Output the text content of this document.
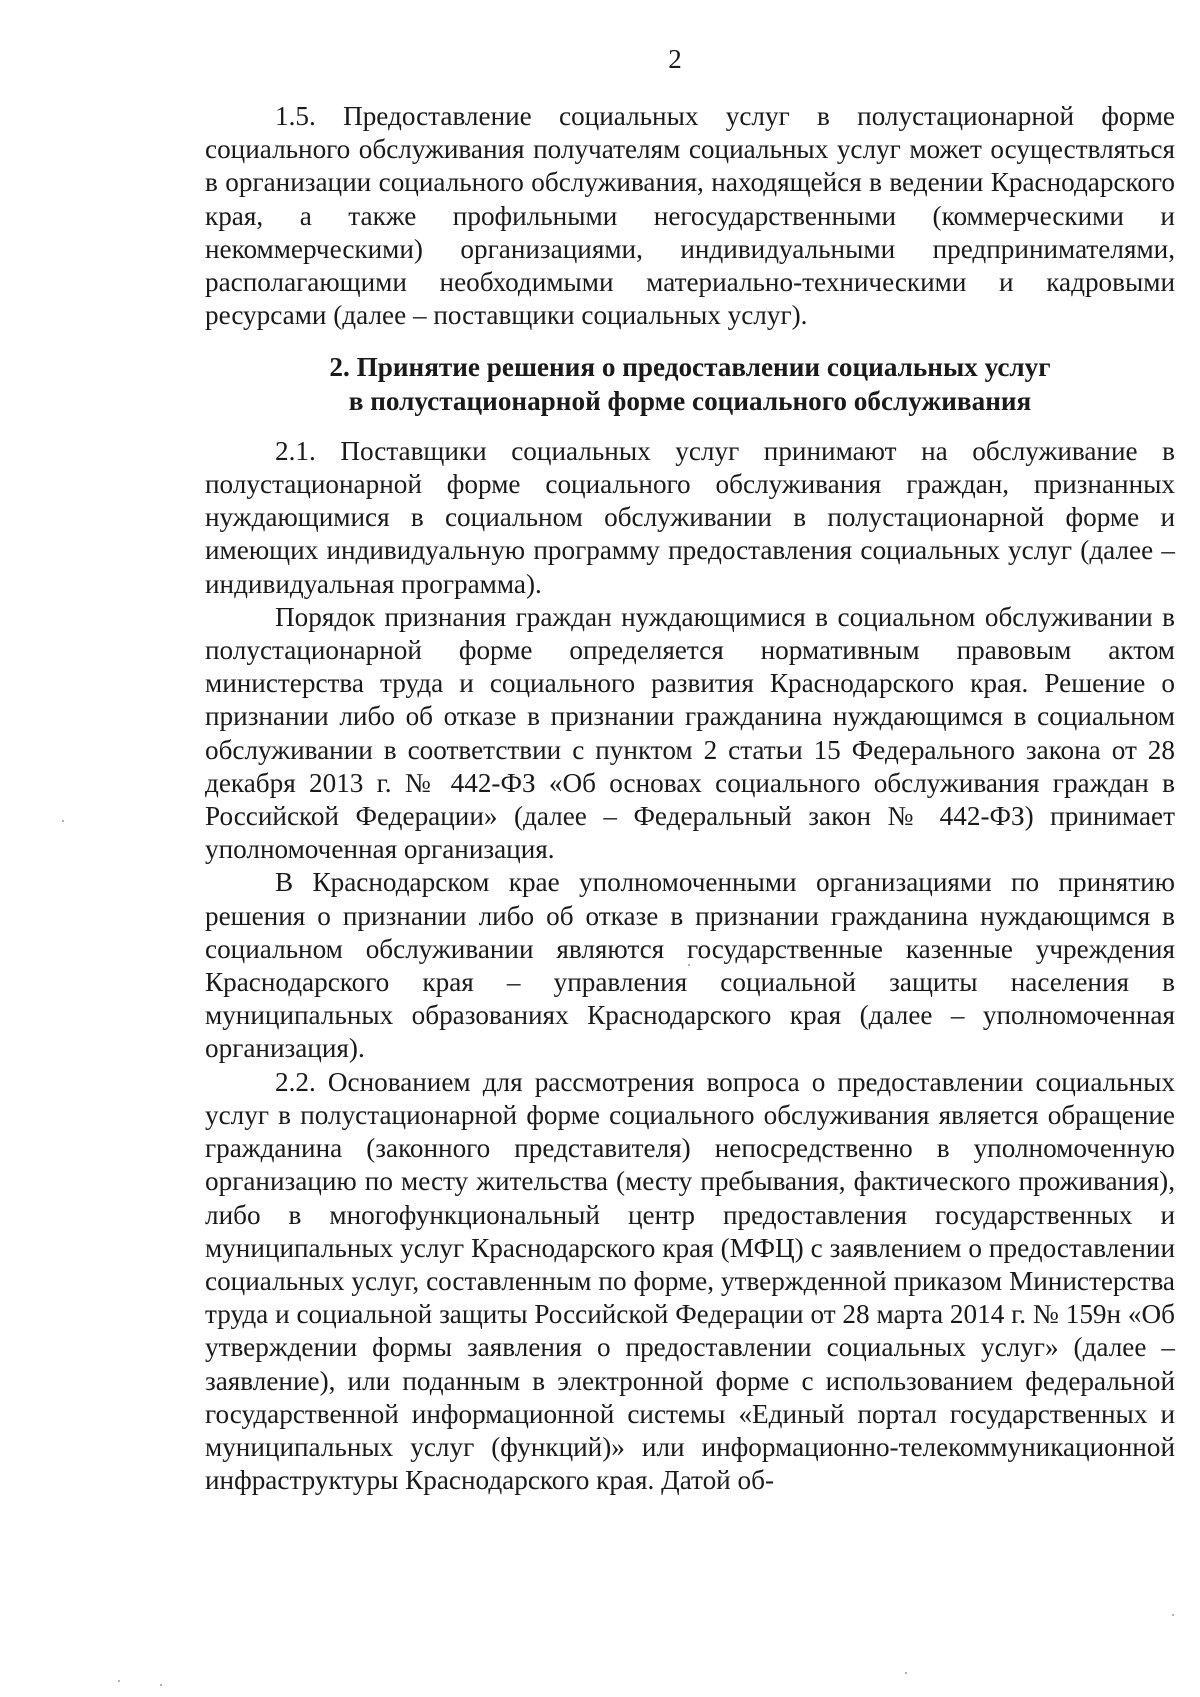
2

1.5. Предоставление социальных услуг в полустационарной форме социального обслуживания получателям социальных услуг может осуществляться в организации социального обслуживания, находящейся в ведении Краснодарского края, а также профильными негосударственными (коммерческими и некоммерческими) организациями, индивидуальными предпринимателями, располагающими необходимыми материально-техническими и кадровыми ресурсами (далее – поставщики социальных услуг).

2. Принятие решения о предоставлении социальных услуг
в полустационарной форме социального обслуживания

2.1. Поставщики социальных услуг принимают на обслуживание в полустационарной форме социального обслуживания граждан, признанных нуждающимися в социальном обслуживании в полустационарной форме и имеющих индивидуальную программу предоставления социальных услуг (далее – индивидуальная программа).

Порядок признания граждан нуждающимися в социальном обслуживании в полустационарной форме определяется нормативным правовым актом министерства труда и социального развития Краснодарского края. Решение о признании либо об отказе в признании гражданина нуждающимся в социальном обслуживании в соответствии с пунктом 2 статьи 15 Федерального закона от 28 декабря 2013 г. № 442-ФЗ «Об основах социального обслуживания граждан в Российской Федерации» (далее – Федеральный закон № 442-ФЗ) принимает уполномоченная организация.

В Краснодарском крае уполномоченными организациями по принятию решения о признании либо об отказе в признании гражданина нуждающимся в социальном обслуживании являются государственные казенные учреждения Краснодарского края – управления социальной защиты населения в муниципальных образованиях Краснодарского края (далее – уполномоченная организация).

2.2. Основанием для рассмотрения вопроса о предоставлении социальных услуг в полустационарной форме социального обслуживания является обращение гражданина (законного представителя) непосредственно в уполномоченную организацию по месту жительства (месту пребывания, фактического проживания), либо в многофункциональный центр предоставления государственных и муниципальных услуг Краснодарского края (МФЦ) с заявлением о предоставлении социальных услуг, составленным по форме, утвержденной приказом Министерства труда и социальной защиты Российской Федерации от 28 марта 2014 г. № 159н «Об утверждении формы заявления о предоставлении социальных услуг» (далее – заявление), или поданным в электронной форме с использованием федеральной государственной информационной системы «Единый портал государственных и муниципальных услуг (функций)» или информационно-телекоммуникационной инфраструктуры Краснодарского края. Датой об-
